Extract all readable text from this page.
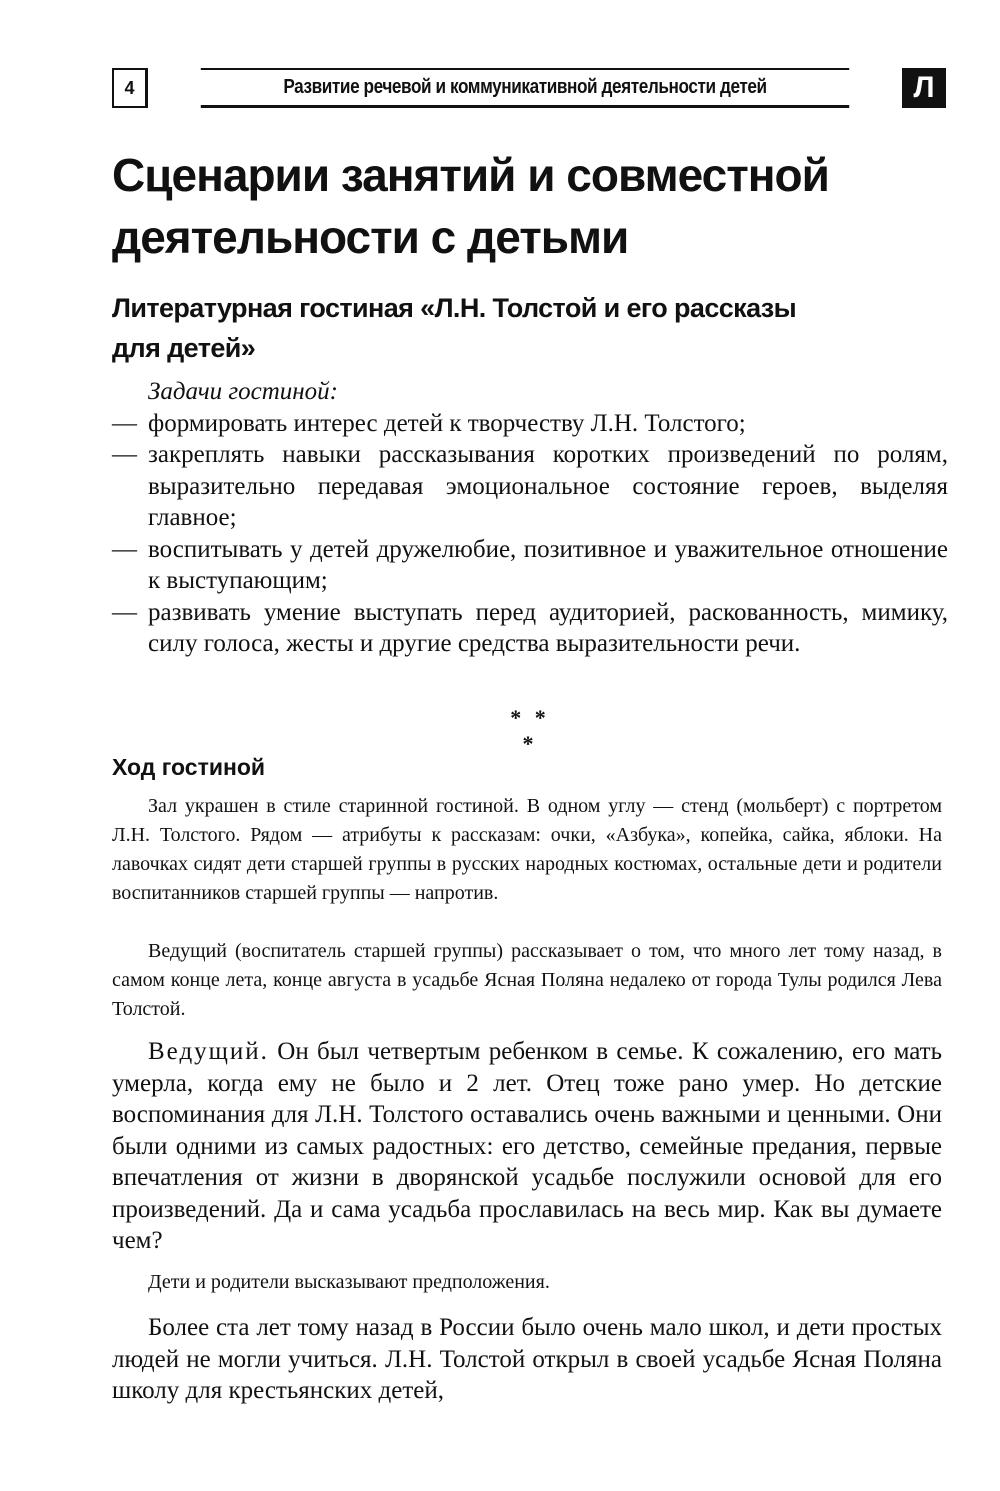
4	Развитие речевой и коммуникативной деятельности детей	Л
Сценарии занятий и совместной
деятельности с детьми
Литературная гостиная «Л.Н. Толстой и его рассказы
для детей»

Задачи гостиной:

— формировать интерес детей к творчеству Л.Н. Толстого;
— закреплять навыки рассказывания коротких произведений по ролям, выразительно передавая эмоциональное состояние героев, выделяя главное;
— воспитывать у детей дружелюбие, позитивное и уважительное отношение к выступающим;
— развивать умение выступать перед аудиторией, раскованность, мимику, силу голоса, жесты и другие средства выразительности речи.
* * *
Ход гостиной

Зал украшен в стиле старинной гостиной. В одном углу — стенд (мольберт) с портретом Л.Н. Толстого. Рядом — атрибуты к рассказам: очки, «Азбука», копейка, сайка, яблоки. На лавочках сидят дети старшей группы в русских народных костюмах, остальные дети и родители воспитанников старшей группы — напротив.

Ведущий (воспитатель старшей группы) рассказывает о том, что много лет тому назад, в самом конце лета, конце августа в усадьбе Ясная Поляна недалеко от города Тулы родился Лева Толстой.

Ведущий. Он был четвертым ребенком в семье. К сожалению, его мать умерла, когда ему не было и 2 лет. Отец тоже рано умер. Но детские воспоминания для Л.Н. Толстого оставались очень важными и ценными. Они были одними из самых радостных: его детство, семейные предания, первые впечатления от жизни в дворянской усадьбе послужили основой для его произведений. Да и сама усадьба прославилась на весь мир. Как вы думаете чем?

Дети и родители высказывают предположения.

Более ста лет тому назад в России было очень мало школ, и дети простых людей не могли учиться. Л.Н. Толстой открыл в своей усадьбе Ясная Поляна школу для крестьянских детей,
